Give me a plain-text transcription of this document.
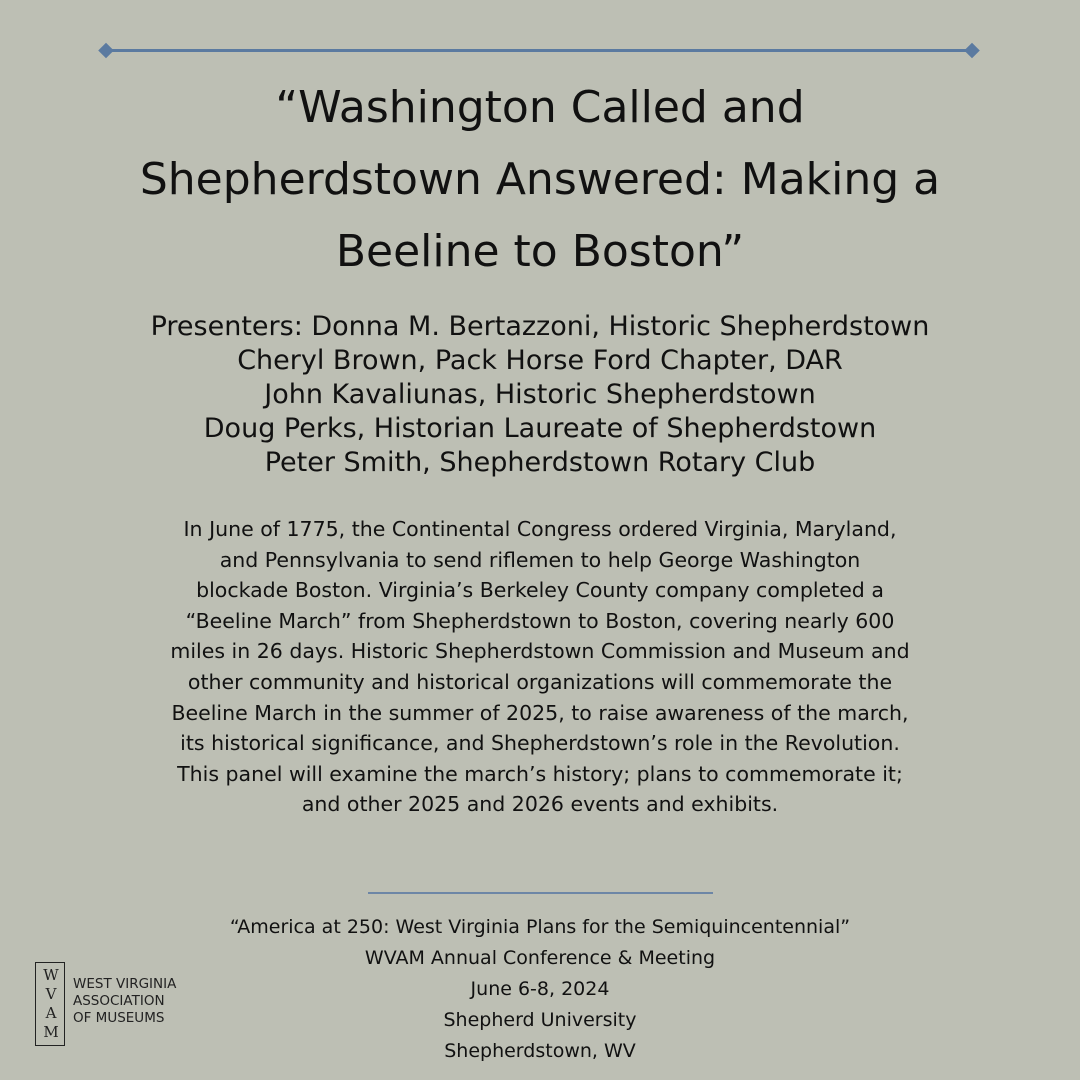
“Washington Called and
Shepherdstown Answered: Making a
Beeline to Boston”
Presenters: Donna M. Bertazzoni, Historic Shepherdstown
Cheryl Brown, Pack Horse Ford Chapter, DAR
John Kavaliunas, Historic Shepherdstown
Doug Perks, Historian Laureate of Shepherdstown
Peter Smith, Shepherdstown Rotary Club
In June of 1775, the Continental Congress ordered Virginia, Maryland,
and Pennsylvania to send riflemen to help George Washington
blockade Boston. Virginia’s Berkeley County company completed a
“Beeline March” from Shepherdstown to Boston, covering nearly 600
miles in 26 days. Historic Shepherdstown Commission and Museum and
other community and historical organizations will commemorate the
Beeline March in the summer of 2025, to raise awareness of the march,
its historical significance, and Shepherdstown’s role in the Revolution.
This panel will examine the march’s history; plans to commemorate it;
and other 2025 and 2026 events and exhibits.
“America at 250: West Virginia Plans for the Semiquincentennial”
WVAM Annual Conference & Meeting
June 6-8, 2024
Shepherd University
Shepherdstown, WV
W
V
A
M
WEST VIRGINIA
ASSOCIATION
OF MUSEUMS
